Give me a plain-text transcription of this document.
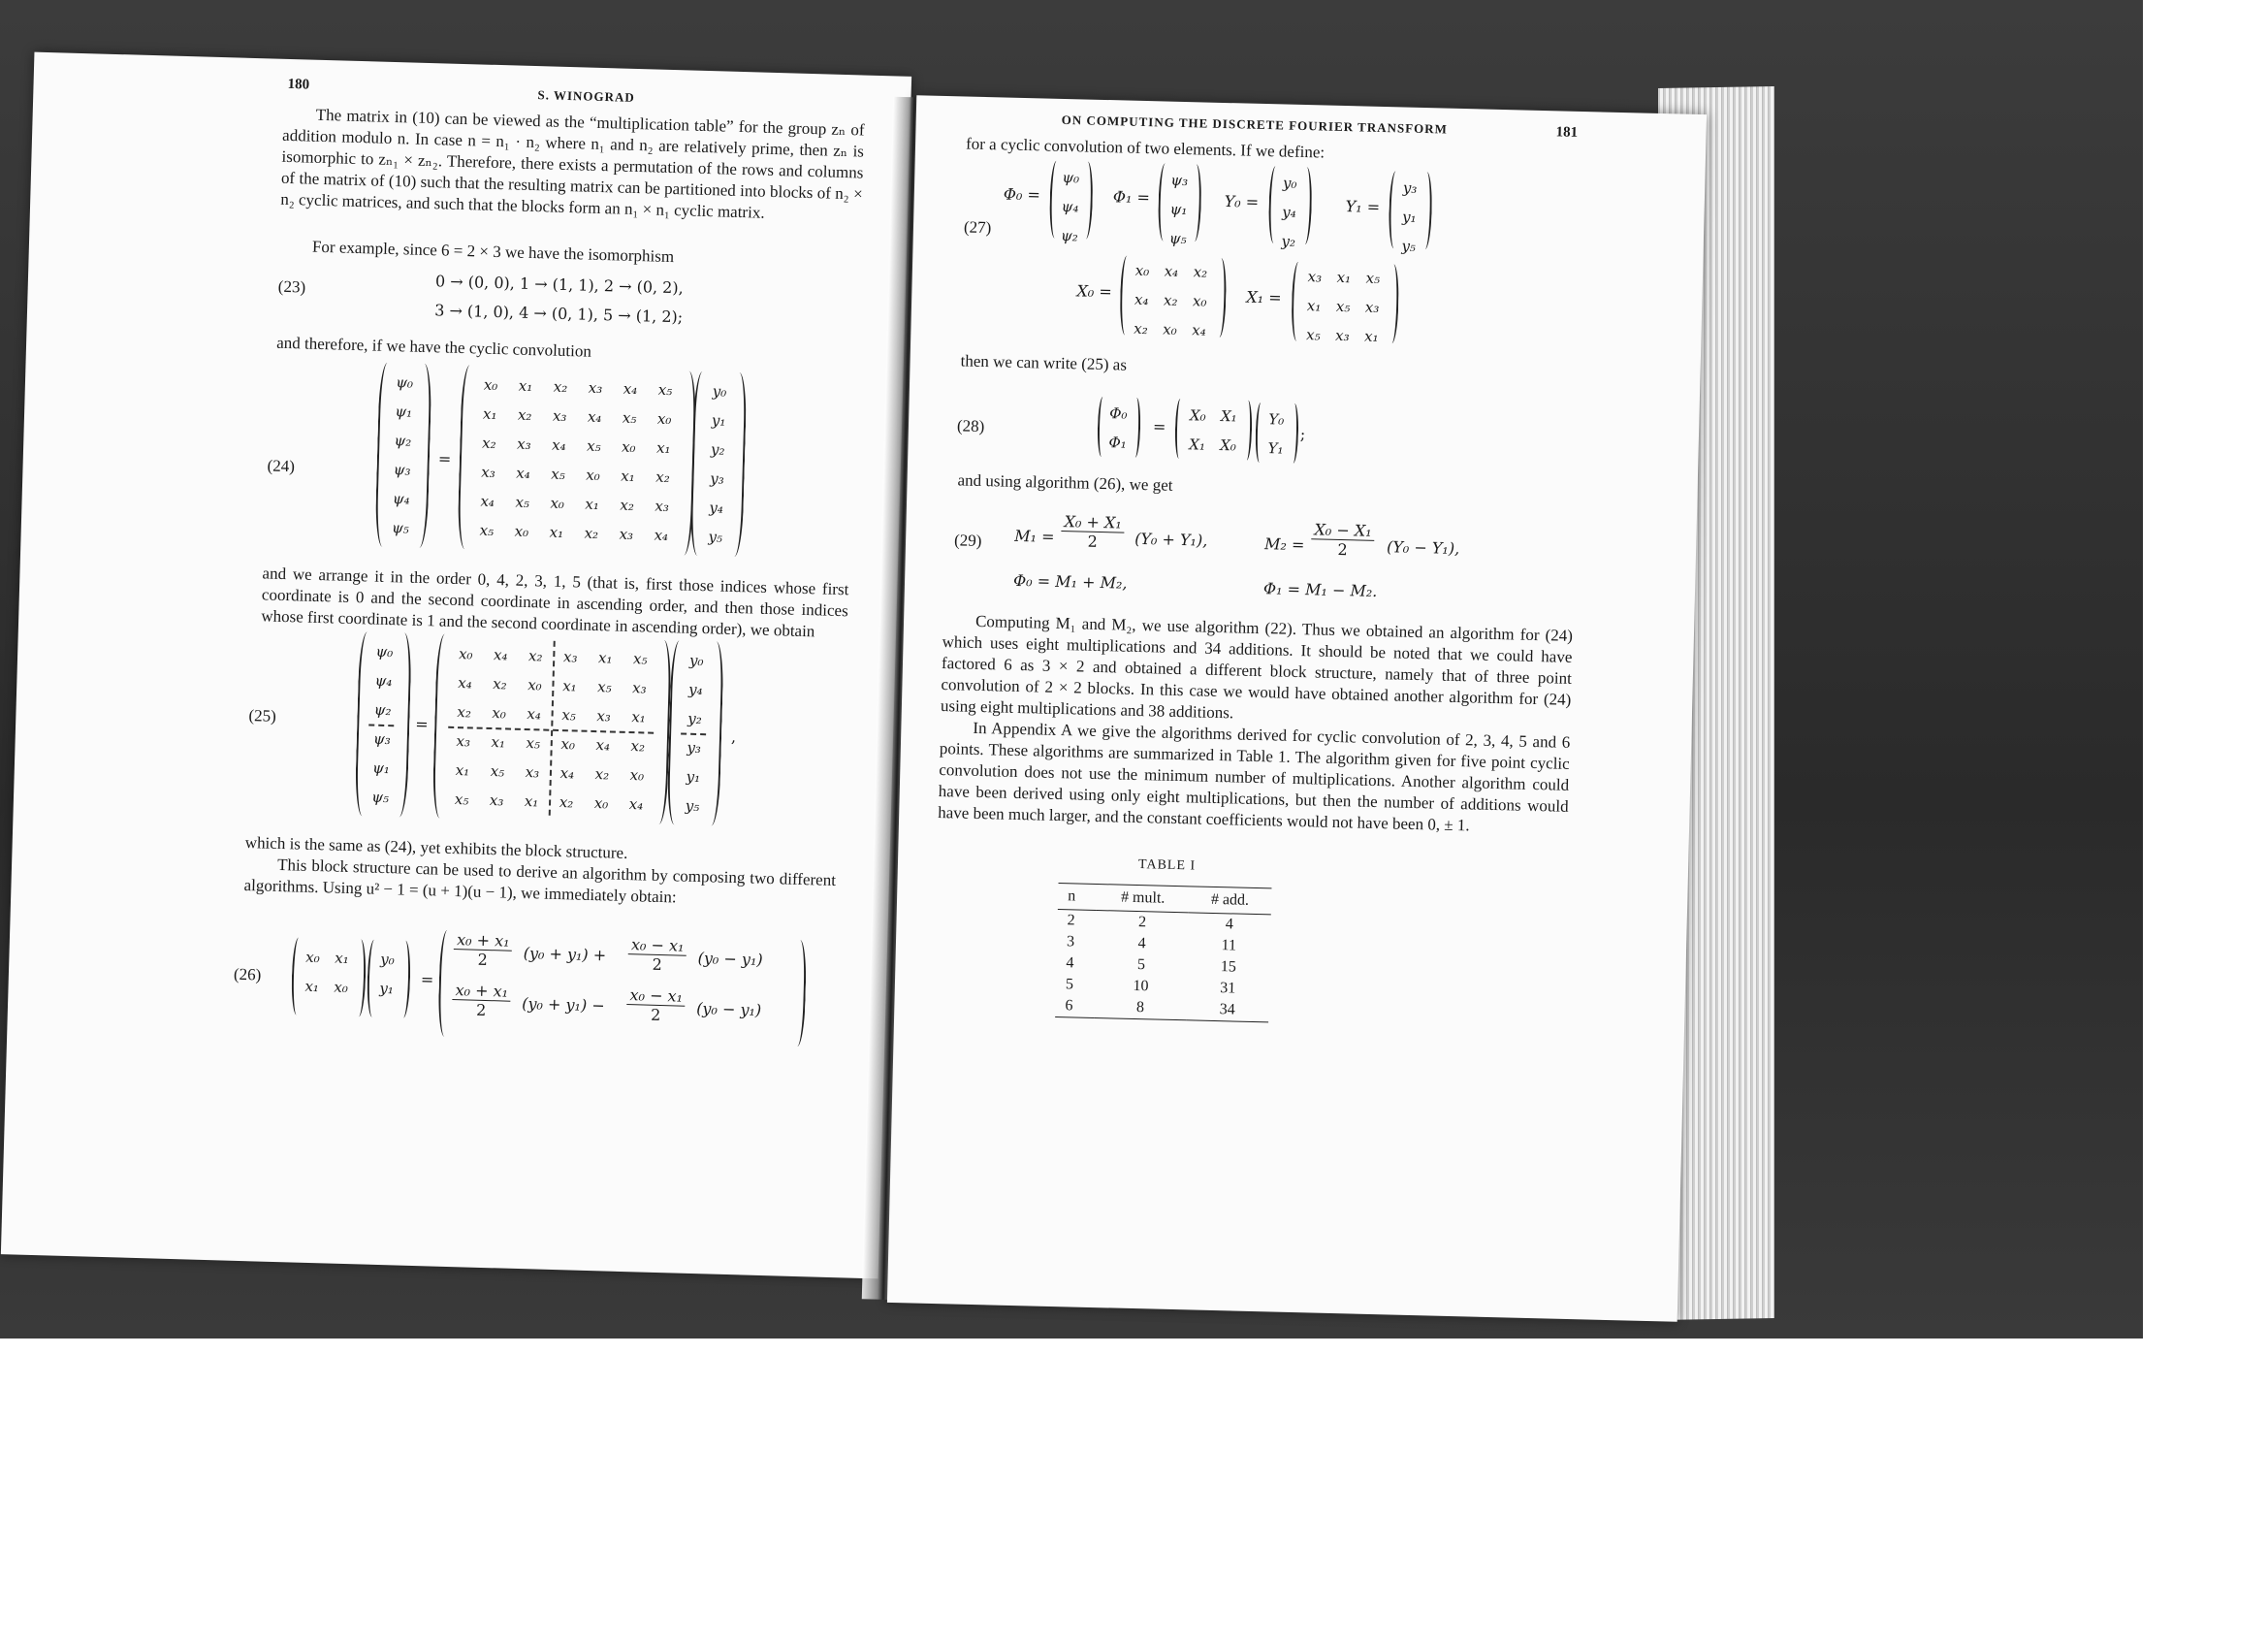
180
S. WINOGRAD

The matrix in (10) can be viewed as the “multiplication table” for the group zₙ of addition modulo n. In case n = n₁ · n₂ where n₁ and n₂ are relatively prime, then zₙ is isomorphic to zₙ₁ × zₙ₂. Therefore, there exists a permutation of the rows and columns of the matrix of (10) such that the resulting matrix can be partitioned into blocks of n₂ × n₂ cyclic matrices, and such that the blocks form an n₁ × n₁ cyclic matrix.

For example, since 6 = 2 × 3 we have the isomorphism

(23)	0 → (0, 0), 1 → (1, 1), 2 → (0, 2),
3 → (1, 0), 4 → (0, 1), 5 → (1, 2);

and therefore, if we have the cyclic convolution

(24)
ψ₀
ψ₁
ψ₂
ψ₃
ψ₄
ψ₅
=
x₀	x₁	x₂	x₃	x₄	x₅
x₁	x₂	x₃	x₄	x₅	x₀
x₂	x₃	x₄	x₅	x₀	x₁
x₃	x₄	x₅	x₀	x₁	x₂
x₄	x₅	x₀	x₁	x₂	x₃
x₅	x₀	x₁	x₂	x₃	x₄
y₀
y₁
y₂
y₃
y₄
y₅

and we arrange it in the order 0, 4, 2, 3, 1, 5 (that is, first those indices whose first coordinate is 0 and the second coordinate in ascending order, and then those indices whose first coordinate is 1 and the second coordinate in ascending order), we obtain

(25)
ψ₀
ψ₄
ψ₂
ψ₃
ψ₁
ψ₅
=
x₀	x₄	x₂	x₃	x₁	x₅
x₄	x₂	x₀	x₁	x₅	x₃
x₂	x₀	x₄	x₅	x₃	x₁
x₃	x₁	x₅	x₀	x₄	x₂
x₁	x₅	x₃	x₄	x₂	x₀
x₅	x₃	x₁	x₂	x₀	x₄
y₀
y₄
y₂
y₃
y₁
y₅
,

which is the same as (24), yet exhibits the block structure.

This block structure can be used to derive an algorithm by composing two different algorithms. Using u² − 1 = (u + 1)(u − 1), we immediately obtain:

(26)
x₀	x₁
x₁	x₀
y₀
y₁	=
$\frac{\text{x₀ + x₁}}{2} (y_0 + y_1) + \frac{\text{x₀ − x₁}}{2} (y_0 - y_1)$
$\frac{\text{x₀ + x₁}}{2} (y_0 + y_1) - \frac{\text{x₀ − x₁}}{2} (y_0 - y_1)$
ON COMPUTING THE DISCRETE FOURIER TRANSFORM	181

for a cyclic convolution of two elements. If we define:

(27)
Φ₀ =
ψ₀
ψ₄
ψ₂
Φ₁ =
ψ₃
ψ₁
ψ₅
Y₀ =
y₀
y₄
y₂
Y₁ =
y₃
y₁
y₅
X₀ =
x₀	x₄	x₂
x₄	x₂	x₀
x₂	x₀	x₄
X₁ =
x₃	x₁	x₅
x₁	x₅	x₃
x₅	x₃	x₁

then we can write (25) as

(28)
Φ₀
Φ₁
=
X₀ X₁
X₁ X₀
Y₀
Y₁
;

and using algorithm (26), we get

(29) $M_1 = \frac{\text{X₀ + X₁}}{2} (Y_0 + Y_1)$,	$M_2 = \frac{\text{X₀ − X₁}}{2} (Y_0 - Y_1)$,
Φ₀ = M₁ + M₂,	Φ₁ = M₁ − M₂.

Computing M₁ and M₂, we use algorithm (22). Thus we obtained an algorithm for (24) which uses eight multiplications and 34 additions. It should be noted that we could have factored 6 as 3 × 2 and obtained a different block structure, namely that of three point convolution of 2 × 2 blocks. In this case we would have obtained another algorithm for (24) using eight multiplications and 38 additions.

In Appendix A we give the algorithms derived for cyclic convolution of 2, 3, 4, 5 and 6 points. These algorithms are summarized in Table 1. The algorithm given for five point cyclic convolution does not use the minimum number of multiplications. Another algorithm could have been derived using only eight multiplications, but then the number of additions would have been much larger, and the constant coefficients would not have been 0, ± 1.

TABLE I
n	# mult.	# add.
2	2	4
3	4	11
4	5	15
5	10	31
6	8	34
